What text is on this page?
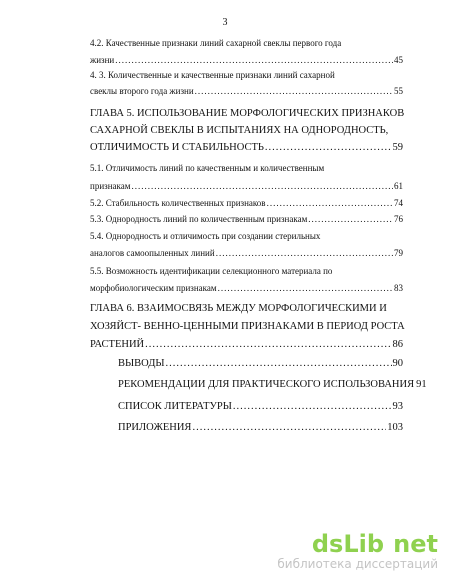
3
4.2. Качественные признаки линий сахарной свеклы первого года
жизни .....	45
4. 3. Количественные и качественные признаки линий сахарной
свеклы второго года жизни .....	55
ГЛАВА 5. ИСПОЛЬЗОВАНИЕ МОРФОЛОГИЧЕСКИХ ПРИЗНАКОВ
САХАРНОЙ СВЕКЛЫ В ИСПЫТАНИЯХ НА ОДНОРОДНОСТЬ,
ОТЛИЧИМОСТЬ И СТАБИЛЬНОСТЬ .....	59
5.1. Отличимость линий по качественным и количественным
признакам .....	61
5.2. Стабильность количественных признаков .....	74
5.3. Однородность линий по количественным признакам .....	76
5.4. Однородность и отличимость при создании стерильных
аналогов самоопыленных линий .....	79
5.5. Возможность идентификации селекционного материала по
морфобиологическим признакам .....	83
ГЛАВА 6. ВЗАИМОСВЯЗЬ МЕЖДУ МОРФОЛОГИЧЕСКИМИ И
ХОЗЯЙСТ- ВЕННО-ЦЕННЫМИ ПРИЗНАКАМИ В ПЕРИОД РОСТА
РАСТЕНИЙ .....	86
ВЫВОДЫ .....	90
РЕКОМЕНДАЦИИ ДЛЯ ПРАКТИЧЕСКОГО ИСПОЛЬЗОВАНИЯ 91
СПИСОК ЛИТЕРАТУРЫ .....	93
ПРИЛОЖЕНИЯ .....	103
dsLib.net
библиотека диссертаций
